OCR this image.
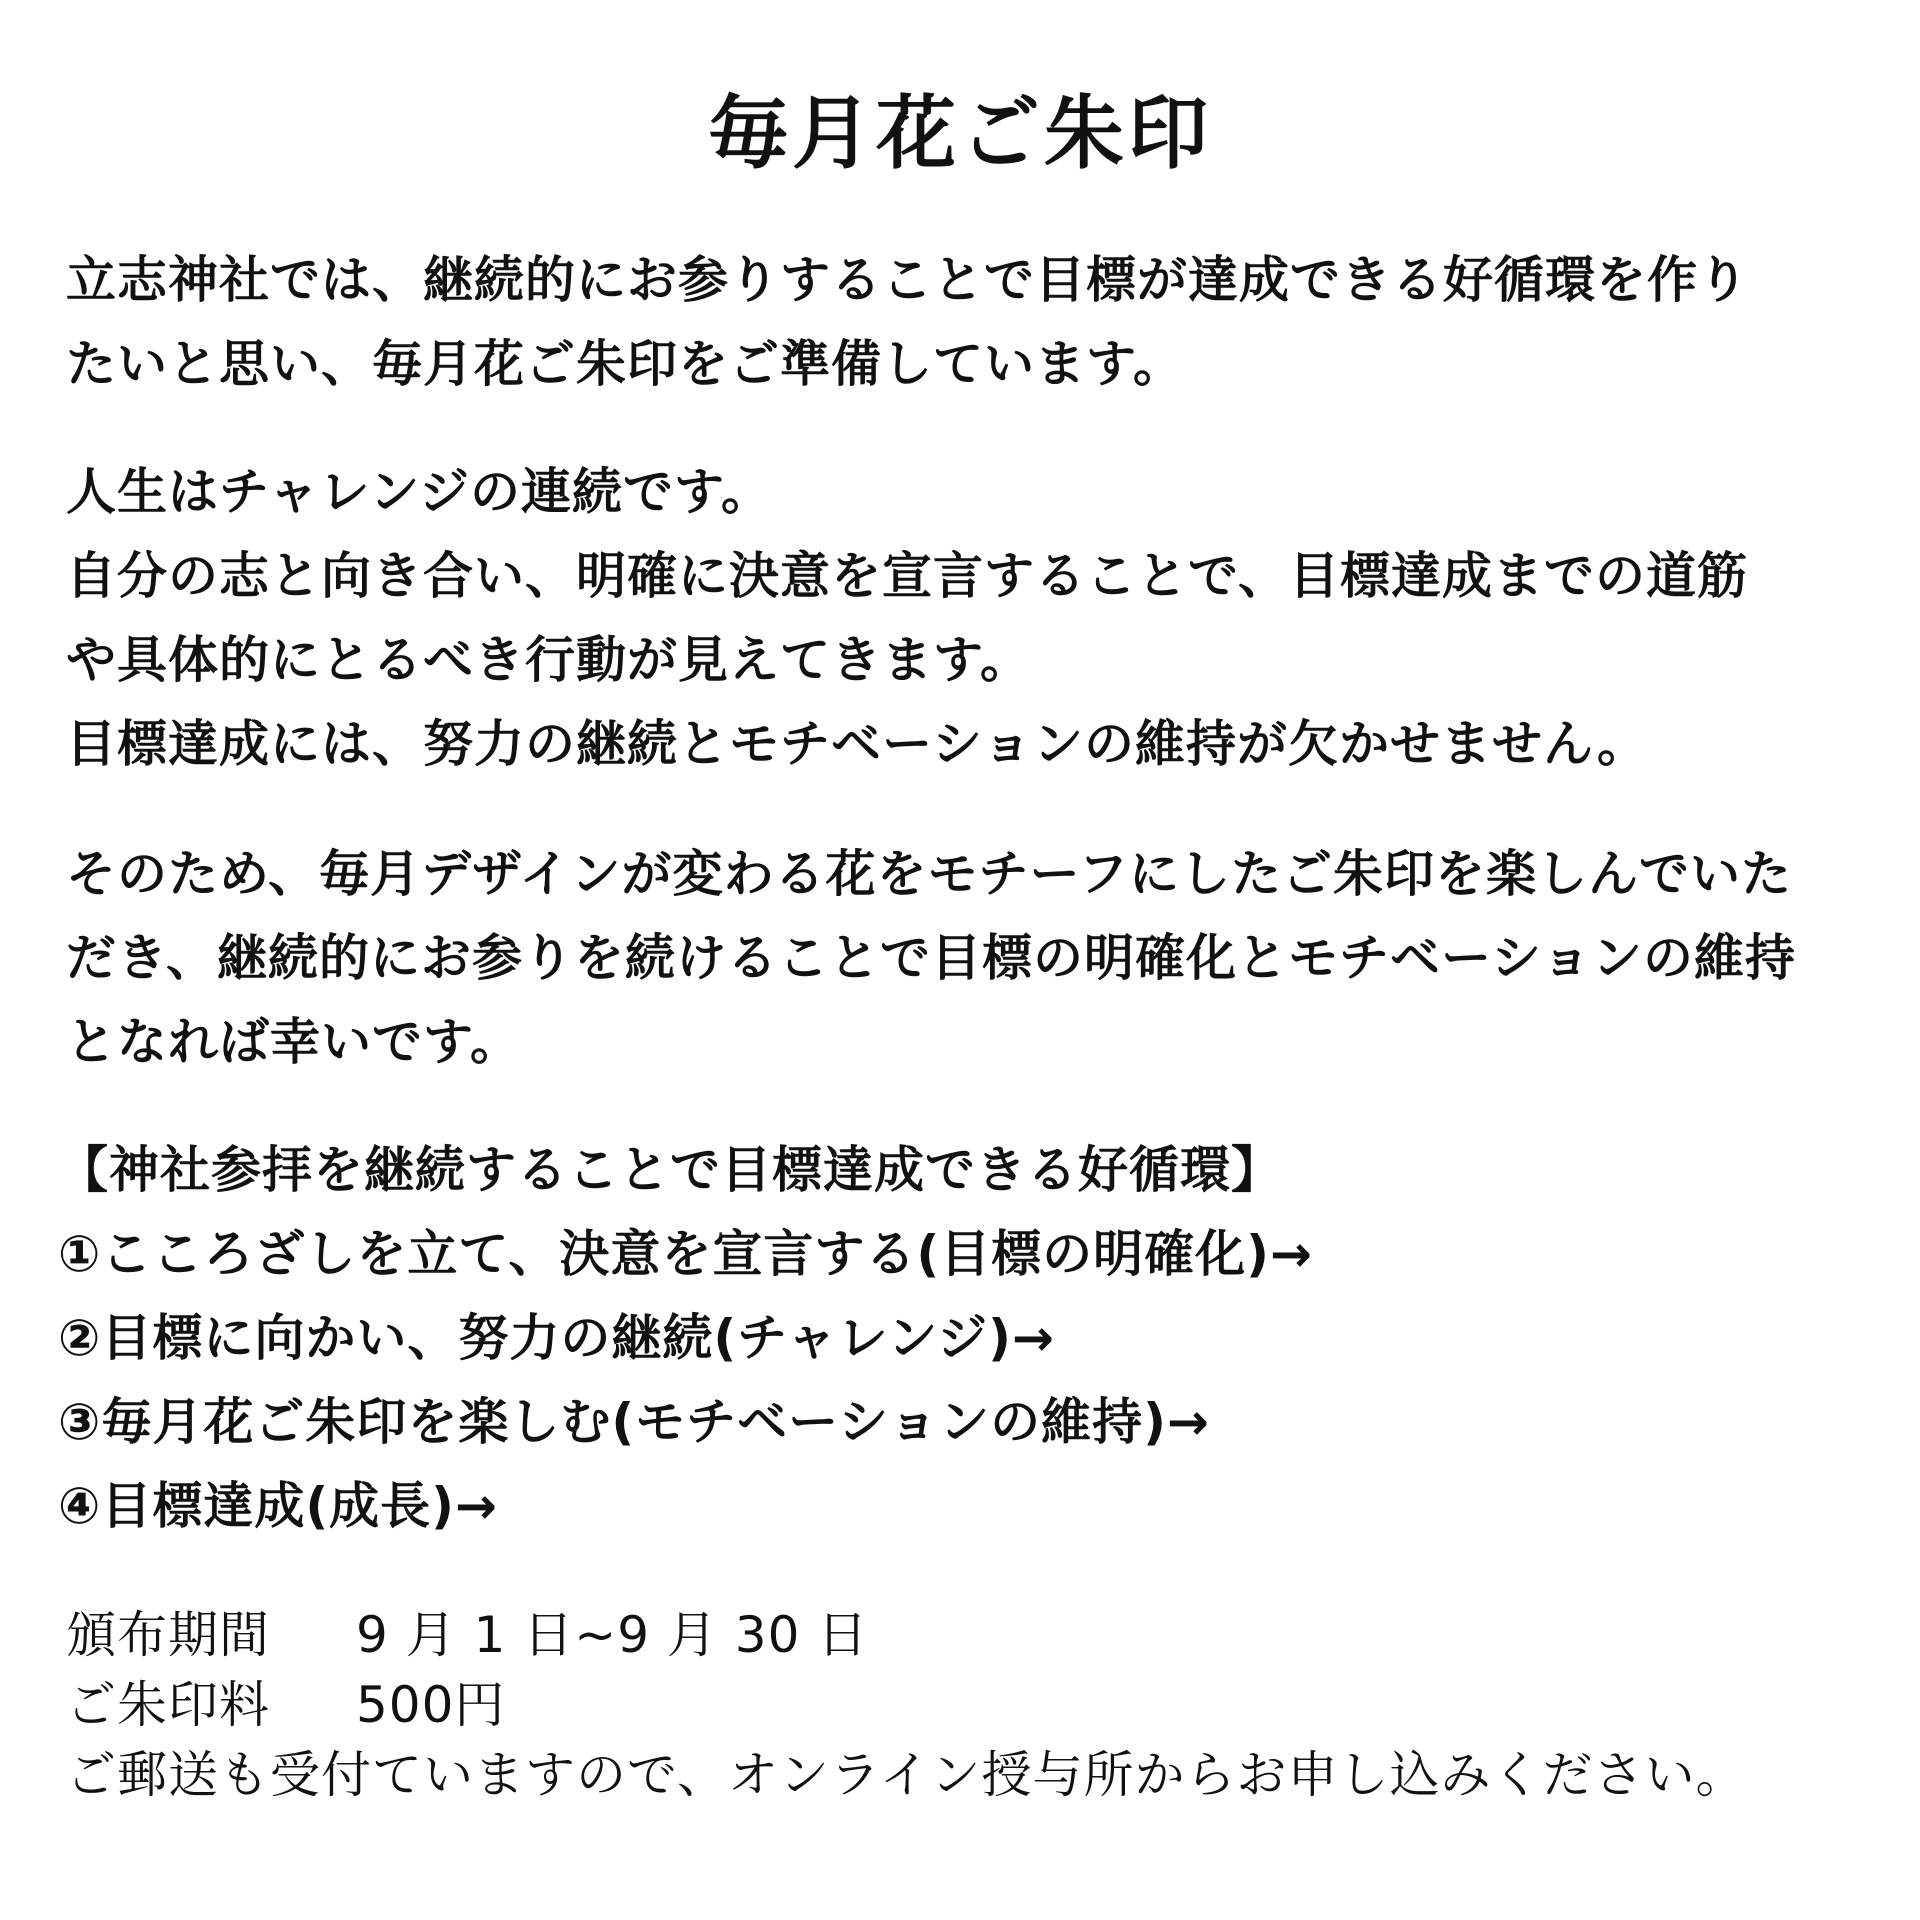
毎月花ご朱印
立志神社では、継続的にお参りすることで目標が達成できる好循環を作り
たいと思い、毎月花ご朱印をご準備しています。
人生はチャレンジの連続です。
自分の志と向き合い、明確に決意を宣言することで、目標達成までの道筋
や具体的にとるべき行動が見えてきます。
目標達成には、努力の継続とモチベーションの維持が欠かせません。
そのため、毎月デザインが変わる花をモチーフにしたご朱印を楽しんでいた
だき、継続的にお参りを続けることで目標の明確化とモチベーションの維持
となれば幸いです。
【神社参拝を継続することで目標達成できる好循環】
①こころざしを立て、決意を宣言する(目標の明確化)→
②目標に向かい、努力の継続(チャレンジ)→
③毎月花ご朱印を楽しむ(モチベーションの維持)→
④目標達成(成長)→
頒布期間	9 月 1 日~9 月 30 日
ご朱印料	500円
ご郵送も受付ていますので、オンライン授与所からお申し込みください。
